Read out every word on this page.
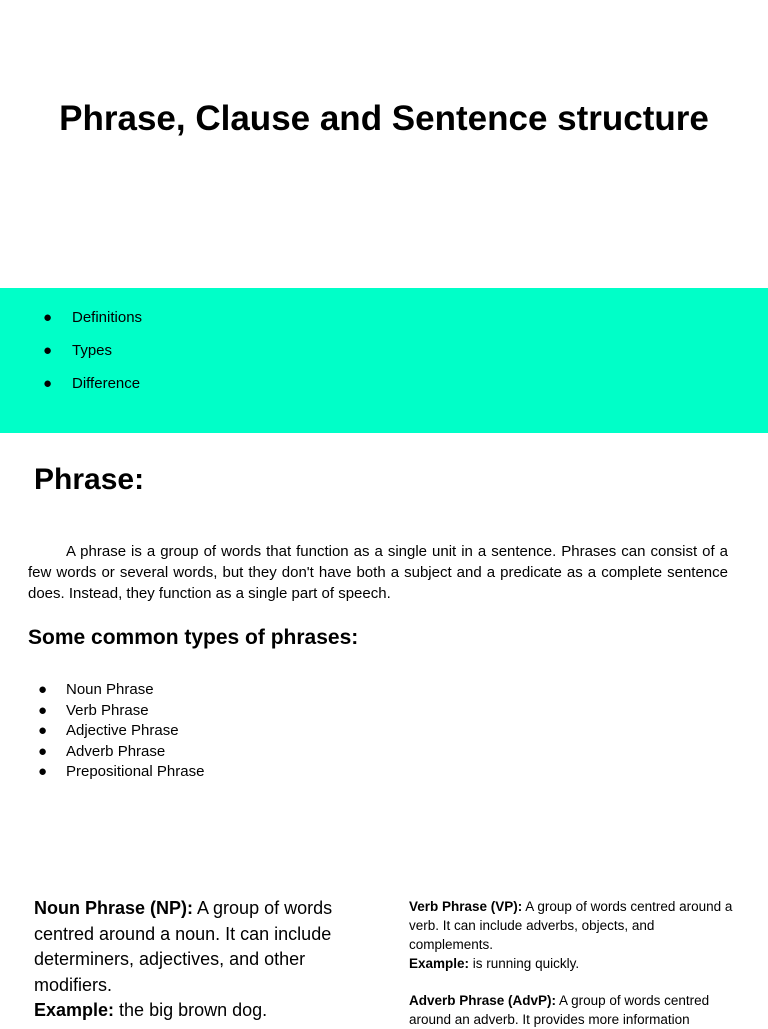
Phrase, Clause and Sentence structure
● Definitions
● Types
● Difference
Phrase:

A phrase is a group of words that function as a single unit in a sentence. Phrases can consist of a few words or several words, but they don't have both a subject and a predicate as a complete sentence does. Instead, they function as a single part of speech.

Some common types of phrases:
● Noun Phrase
● Verb Phrase
● Adjective Phrase
● Adverb Phrase
● Prepositional Phrase

Noun Phrase (NP): A group of words centred around a noun. It can include determiners, adjectives, and other modifiers.
Example: the big brown dog.

Verb Phrase (VP): A group of words centred around a verb. It can include adverbs, objects, and complements.
Example: is running quickly.

Adverb Phrase (AdvP): A group of words centred around an adverb. It provides more information
